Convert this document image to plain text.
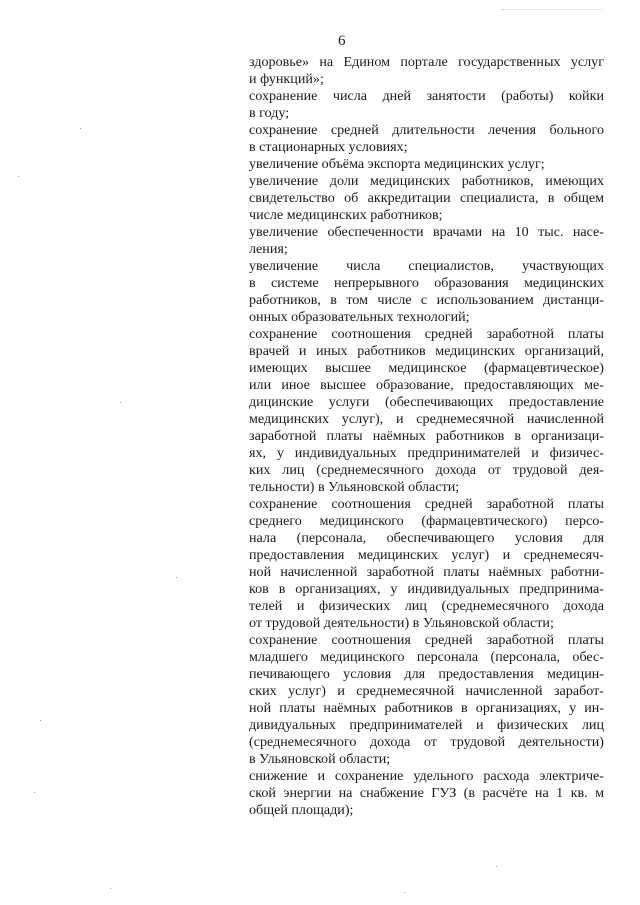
6
здоровье» на Едином портале государственных услуг
и функций»;
сохранение числа дней занятости (работы) койки
в году;
сохранение средней длительности лечения больного
в стационарных условиях;
увеличение объёма экспорта медицинских услуг;
увеличение доли медицинских работников, имеющих
свидетельство об аккредитации специалиста, в общем
числе медицинских работников;
увеличение обеспеченности врачами на 10 тыс. насе-
ления;
увеличение числа специалистов, участвующих
в системе непрерывного образования медицинских
работников, в том числе с использованием дистанци-
онных образовательных технологий;
сохранение соотношения средней заработной платы
врачей и иных работников медицинских организаций,
имеющих высшее медицинское (фармацевтическое)
или иное высшее образование, предоставляющих ме-
дицинские услуги (обеспечивающих предоставление
медицинских услуг), и среднемесячной начисленной
заработной платы наёмных работников в организаци-
ях, у индивидуальных предпринимателей и физичес-
ких лиц (среднемесячного дохода от трудовой дея-
тельности) в Ульяновской области;
сохранение соотношения средней заработной платы
среднего медицинского (фармацевтического) персо-
нала (персонала, обеспечивающего условия для
предоставления медицинских услуг) и среднемесяч-
ной начисленной заработной платы наёмных работни-
ков в организациях, у индивидуальных предпринима-
телей и физических лиц (среднемесячного дохода
от трудовой деятельности) в Ульяновской области;
сохранение соотношения средней заработной платы
младшего медицинского персонала (персонала, обес-
печивающего условия для предоставления медицин-
ских услуг) и среднемесячной начисленной заработ-
ной платы наёмных работников в организациях, у ин-
дивидуальных предпринимателей и физических лиц
(среднемесячного дохода от трудовой деятельности)
в Ульяновской области;
снижение и сохранение удельного расхода электриче-
ской энергии на снабжение ГУЗ (в расчёте на 1 кв. м
общей площади);
